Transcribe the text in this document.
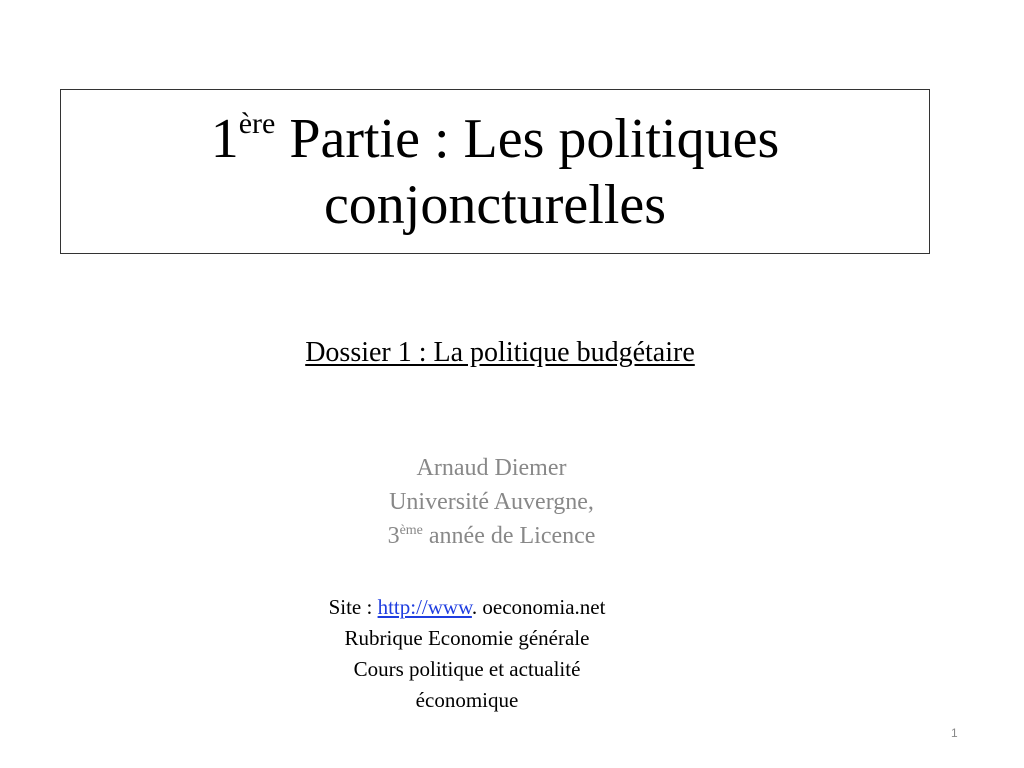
1ère Partie : Les politiques
conjoncturelles
Dossier 1 : La politique budgétaire
Arnaud Diemer
Université Auvergne,
3ème année de Licence
Site : http://www. oeconomia.net
Rubrique Economie générale
Cours politique et actualité
économique
1
